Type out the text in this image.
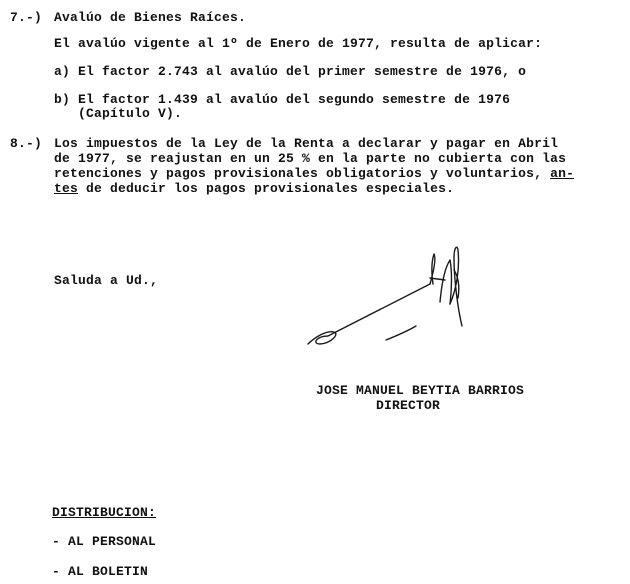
7.-) Avalúo de Bienes Raíces.
El avalúo vigente al 1º de Enero de 1977, resulta de aplicar:
a) El factor 2.743 al avalúo del primer semestre de 1976, o
b) El factor 1.439 al avalúo del segundo semestre de 1976
(Capítulo V).
8.-) Los impuestos de la Ley de la Renta a declarar y pagar en Abril
de 1977, se reajustan en un 25 % en la parte no cubierta con las
retenciones y pagos provisionales obligatorios y voluntarios, an-
tes de deducir los pagos provisionales especiales.
Saluda a Ud.,
JOSE MANUEL BEYTIA BARRIOS
DIRECTOR
DISTRIBUCION:
- AL PERSONAL
- AL BOLETIN
